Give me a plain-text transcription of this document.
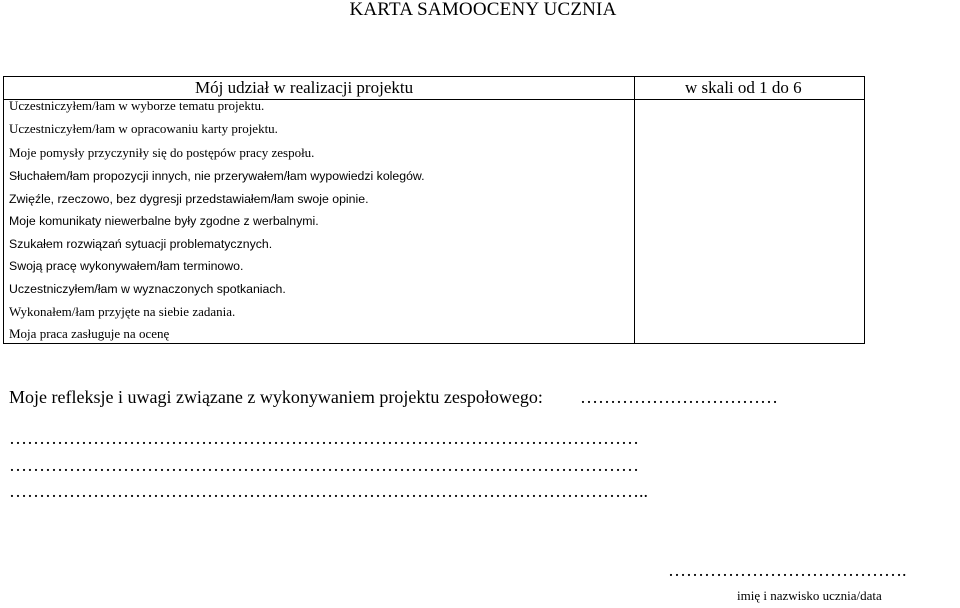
KARTA SAMOOCENY UCZNIA
Mój udział w realizacji projektu	w skali od 1 do 6
Uczestniczyłem/łam w wyborze tematu projektu.
Uczestniczyłem/łam w opracowaniu karty projektu.
Moje pomysły przyczyniły się do postępów pracy zespołu.
Słuchałem/łam propozycji innych, nie przerywałem/łam wypowiedzi kolegów.
Zwięźle, rzeczowo, bez dygresji przedstawiałem/łam swoje opinie.
Moje komunikaty niewerbalne były zgodne z werbalnymi.
Szukałem rozwiązań sytuacji problematycznych.
Swoją pracę wykonywałem/łam terminowo.
Uczestniczyłem/łam w wyznaczonych spotkaniach.
Wykonałem/łam przyjęte na siebie zadania.
Moja praca zasługuje na ocenę
Moje refleksje i uwagi związane z wykonywaniem projektu zespołowego: ……………………………
……………………………………………………………………………………………
……………………………………………………………………………………………
……………………………………………………………………………………………..
………………………………….
imię i nazwisko ucznia/data
